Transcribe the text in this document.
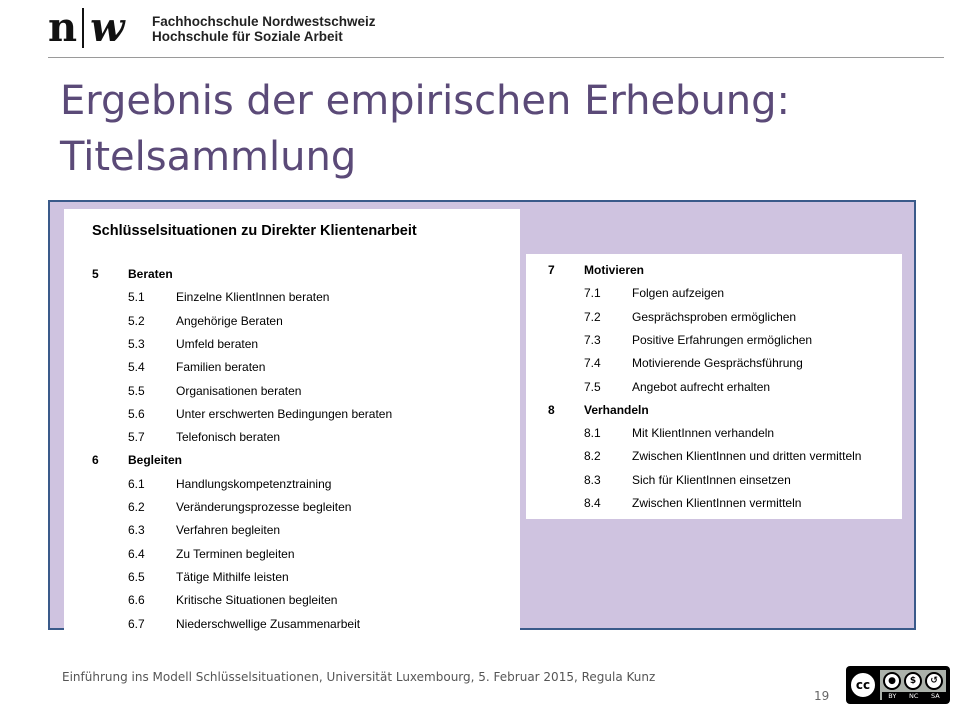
n w Fachhochschule Nordwestschweiz
Hochschule für Soziale Arbeit
Ergebnis der empirischen Erhebung:
Titelsammlung
Schlüsselsituationen zu Direkter Klientenarbeit
5 Beraten
5.1	Einzelne KlientInnen beraten
5.2	Angehörige Beraten
5.3	Umfeld beraten
5.4	Familien beraten
5.5	Organisationen beraten
5.6	Unter erschwerten Bedingungen beraten
5.7	Telefonisch beraten
6 Begleiten
6.1	Handlungskompetenztraining
6.2	Veränderungsprozesse begleiten
6.3	Verfahren begleiten
6.4	Zu Terminen begleiten
6.5	Tätige Mithilfe leisten
6.6	Kritische Situationen begleiten
6.7	Niederschwellige Zusammenarbeit
7 Motivieren
7.1	Folgen aufzeigen
7.2	Gesprächsproben ermöglichen
7.3	Positive Erfahrungen ermöglichen
7.4	Motivierende Gesprächsführung
7.5	Angebot aufrecht erhalten
8 Verhandeln
8.1	Mit KlientInnen verhandeln
8.2	Zwischen KlientInnen und dritten vermitteln
8.3	Sich für KlientInnen einsetzen
8.4	Zwischen KlientInnen vermitteln
Einführung ins Modell Schlüsselsituationen, Universität Luxembourg, 5. Februar 2015, Regula Kunz
19
cc	●	$	↺
BY NC SA
